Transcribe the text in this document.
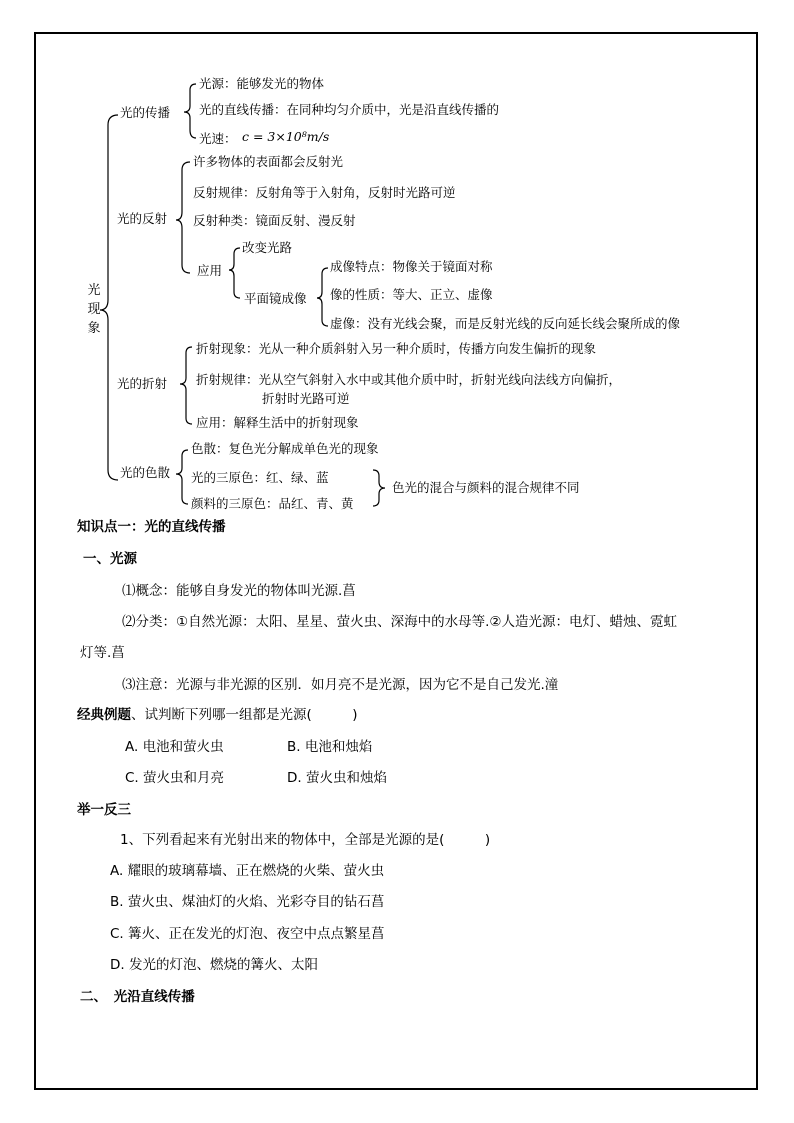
光
现
象
光的传播
光源：能够发光的物体
光的直线传播：在同种均匀介质中，光是沿直线传播的
光速： c = 3×10⁸m/s
光的反射
许多物体的表面都会反射光
反射规律：反射角等于入射角，反射时光路可逆
反射种类：镜面反射、漫反射
应用
改变光路
平面镜成像
成像特点：物像关于镜面对称
像的性质：等大、正立、虚像
虚像：没有光线会聚，而是反射光线的反向延长线会聚所成的像
光的折射
折射现象：光从一种介质斜射入另一种介质时，传播方向发生偏折的现象
折射规律：光从空气斜射入水中或其他介质中时，折射光线向法线方向偏折，
折射时光路可逆
应用：解释生活中的折射现象
光的色散
色散：复色光分解成单色光的现象
光的三原色：红、绿、蓝
颜料的三原色：品红、青、黄
色光的混合与颜料的混合规律不同
知识点一：光的直线传播
一、光源
⑴概念：能够自身发光的物体叫光源.菖
⑵分类：①自然光源：太阳、星星、萤火虫、深海中的水母等.②人造光源：电灯、蜡烛、霓虹
灯等.菖
⑶注意：光源与非光源的区别．如月亮不是光源，因为它不是自己发光.潼
经典例题、试判断下列哪一组都是光源(　　　)
A. 电池和萤火虫	B. 电池和烛焰
C. 萤火虫和月亮	D. 萤火虫和烛焰
举一反三
1、下列看起来有光射出来的物体中，全部是光源的是(　　　)
A. 耀眼的玻璃幕墙、正在燃烧的火柴、萤火虫
B. 萤火虫、煤油灯的火焰、光彩夺目的钻石菖
C. 篝火、正在发光的灯泡、夜空中点点繁星菖
D. 发光的灯泡、燃烧的篝火、太阳
二、　光沿直线传播
